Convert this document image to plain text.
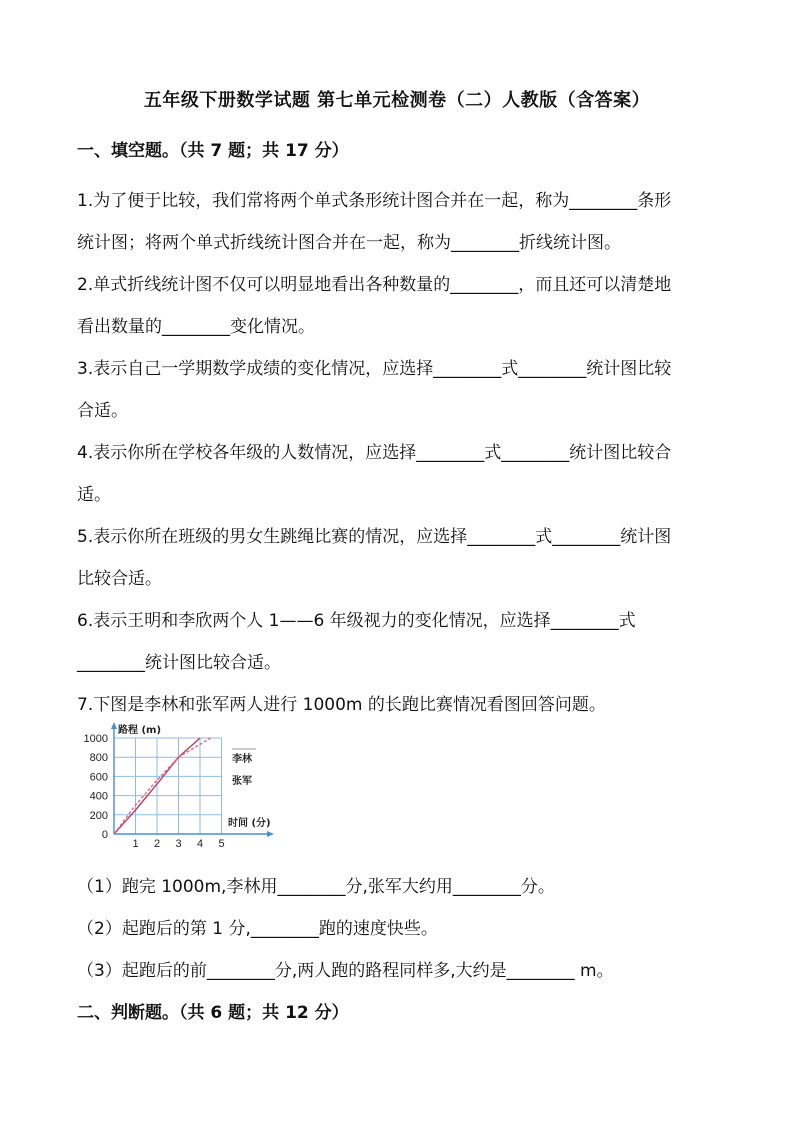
五年级下册数学试题 第七单元检测卷（二）人教版（含答案）
一、填空题。（共 7 题；共 17 分）
1.为了便于比较，我们常将两个单式条形统计图合并在一起，称为________条形
统计图；将两个单式折线统计图合并在一起，称为________折线统计图。
2.单式折线统计图不仅可以明显地看出各种数量的________，而且还可以清楚地
看出数量的________变化情况。
3.表示自己一学期数学成绩的变化情况，应选择________式________统计图比较
合适。
4.表示你所在学校各年级的人数情况，应选择________式________统计图比较合
适。
5.表示你所在班级的男女生跳绳比赛的情况，应选择________式________统计图
比较合适。
6.表示王明和李欣两个人 1——6 年级视力的变化情况，应选择________式
________统计图比较合适。
7.下图是李林和张军两人进行 1000m 的长跑比赛情况看图回答问题。
1 2 3 4 5
0
200
400
600
800
1000
路程 (m)
时间 (分)
李林
张军
（1）跑完 1000m,李林用________分,张军大约用________分。
（2）起跑后的第 1 分,________跑的速度快些。
（3）起跑后的前________分,两人跑的路程同样多,大约是________ m。
二、判断题。（共 6 题；共 12 分）
